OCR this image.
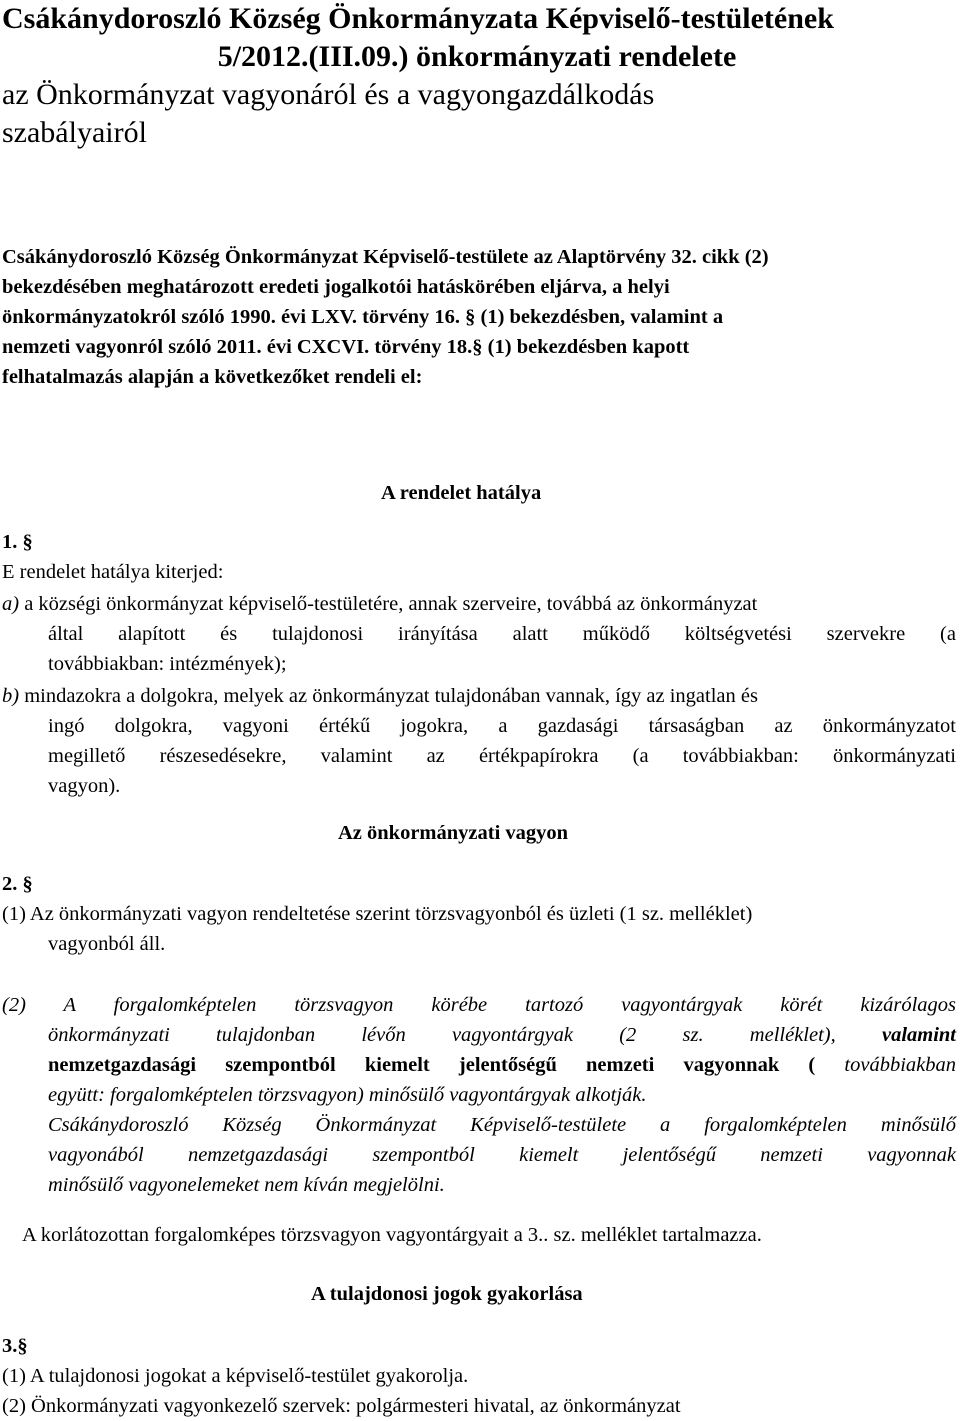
Csákánydoroszló Község Önkormányzata Képviselő-testületének
5/2012.(III.09.) önkormányzati rendelete
az Önkormányzat vagyonáról és a vagyongazdálkodás
szabályairól
Csákánydoroszló Község Önkormányzat Képviselő-testülete az Alaptörvény 32. cikk (2)
bekezdésében meghatározott eredeti jogalkotói hatáskörében eljárva, a helyi
önkormányzatokról szóló 1990. évi LXV. törvény 16. § (1) bekezdésben, valamint a
nemzeti vagyonról szóló 2011. évi CXCVI. törvény 18.§ (1) bekezdésben kapott
felhatalmazás alapján a következőket rendeli el:
A rendelet hatálya
1. §
E rendelet hatálya kiterjed:
a) a községi önkormányzat képviselő-testületére, annak szerveire, továbbá az önkormányzat
által alapított és tulajdonosi irányítása alatt működő költségvetési szervekre (a
továbbiakban: intézmények);
b) mindazokra a dolgokra, melyek az önkormányzat tulajdonában vannak, így az ingatlan és
ingó dolgokra, vagyoni értékű jogokra, a gazdasági társaságban az önkormányzatot
megillető részesedésekre, valamint az értékpapírokra (a továbbiakban: önkormányzati
vagyon).
Az önkormányzati vagyon
2. §
(1) Az önkormányzati vagyon rendeltetése szerint törzsvagyonból és üzleti (1 sz. melléklet)
vagyonból áll.
(2) A forgalomképtelen törzsvagyon körébe tartozó vagyontárgyak körét kizárólagos
önkormányzati tulajdonban lévőn vagyontárgyak (2 sz. melléklet), valamint
nemzetgazdasági szempontból kiemelt jelentőségű nemzeti vagyonnak ( továbbiakban
együtt: forgalomképtelen törzsvagyon) minősülő vagyontárgyak alkotják.
Csákánydoroszló Község Önkormányzat Képviselő-testülete a forgalomképtelen minősülő
vagyonából nemzetgazdasági szempontból kiemelt jelentőségű nemzeti vagyonnak
minősülő vagyonelemeket nem kíván megjelölni.
A korlátozottan forgalomképes törzsvagyon vagyontárgyait a 3.. sz. melléklet tartalmazza.
A tulajdonosi jogok gyakorlása
3.§
(1) A tulajdonosi jogokat a képviselő-testület gyakorolja.
(2) Önkormányzati vagyonkezelő szervek: polgármesteri hivatal, az önkormányzat
